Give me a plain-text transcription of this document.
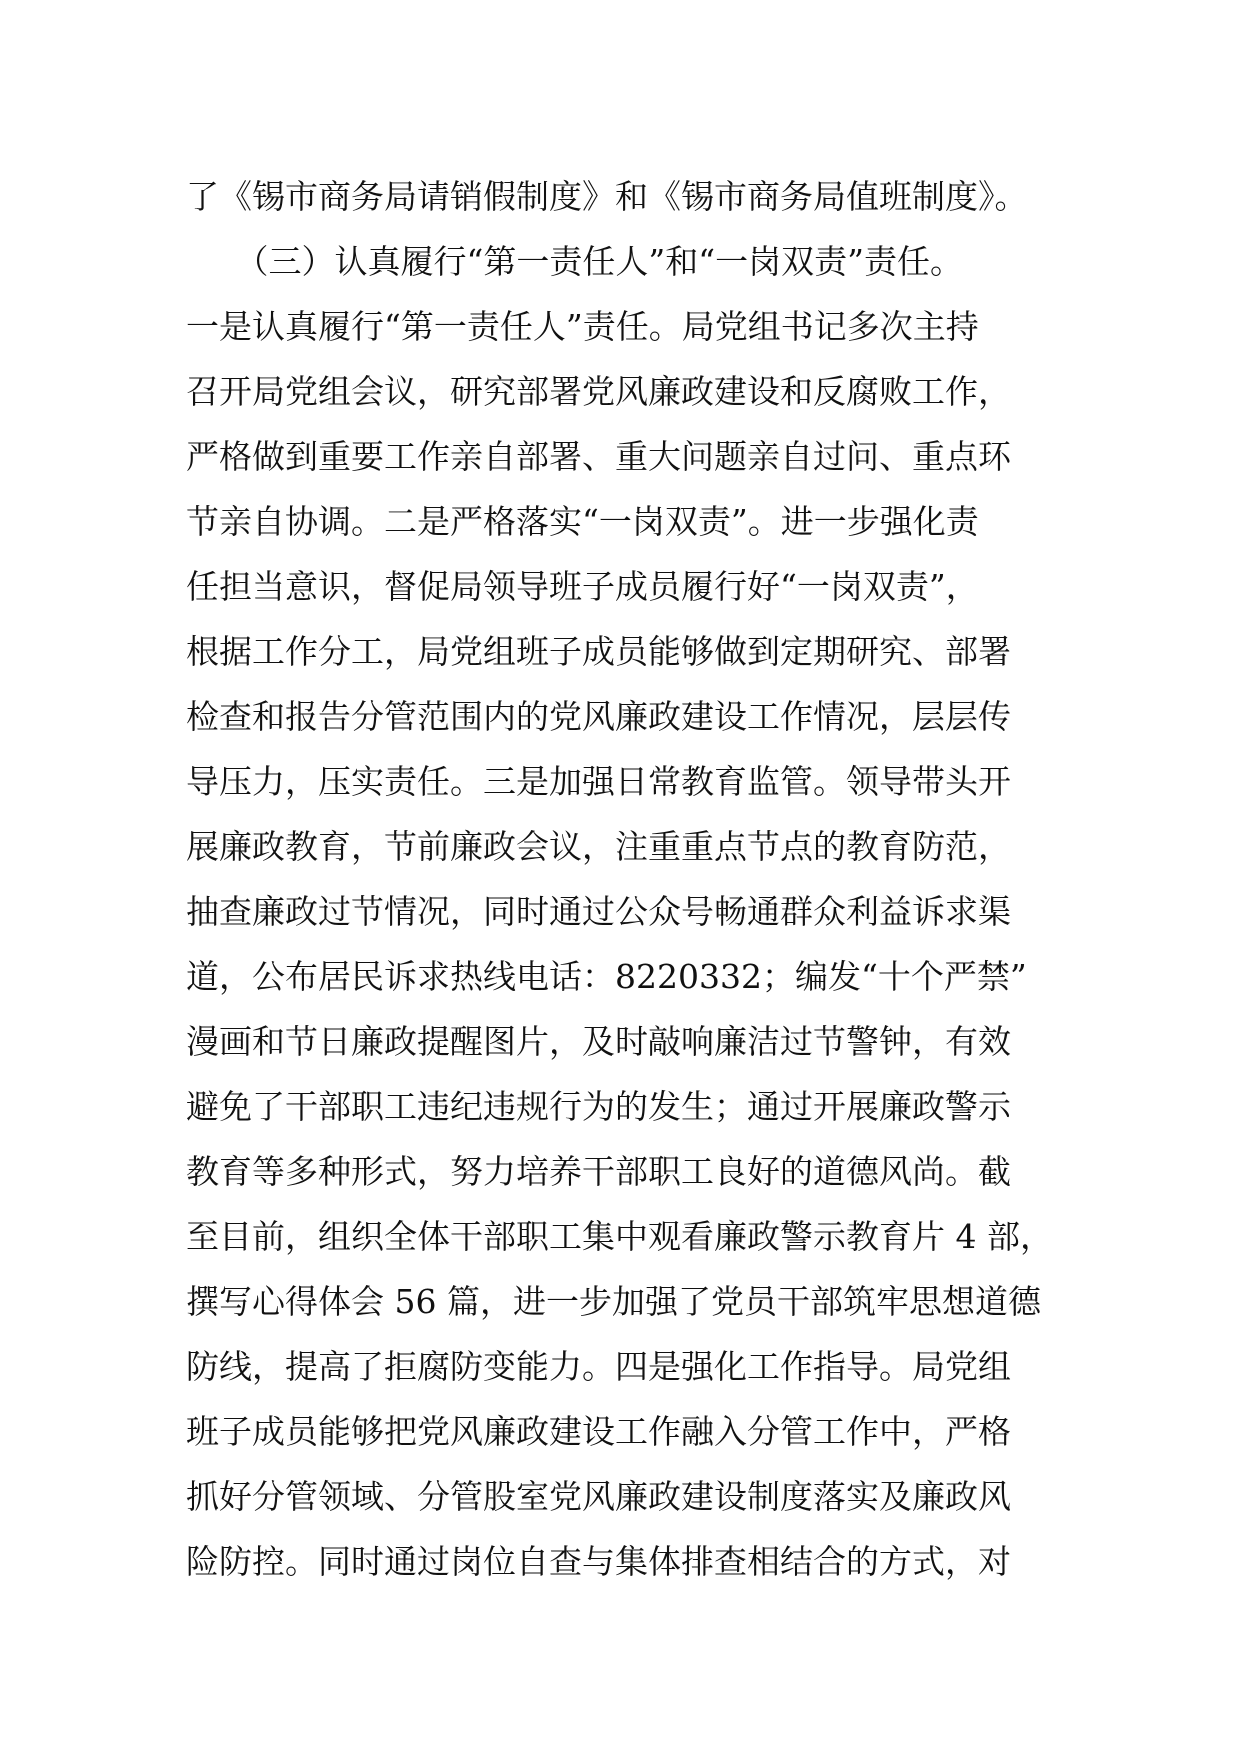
了《锡市商务局请销假制度》和《锡市商务局值班制度》。
　　（三）认真履行“第一责任人”和“一岗双责”责任。
一是认真履行“第一责任人”责任。局党组书记多次主持
召开局党组会议，研究部署党风廉政建设和反腐败工作，
严格做到重要工作亲自部署、重大问题亲自过问、重点环
节亲自协调。二是严格落实“一岗双责”。进一步强化责
任担当意识，督促局领导班子成员履行好“一岗双责”，
根据工作分工，局党组班子成员能够做到定期研究、部署
检查和报告分管范围内的党风廉政建设工作情况，层层传
导压力，压实责任。三是加强日常教育监管。领导带头开
展廉政教育，节前廉政会议，注重重点节点的教育防范，
抽查廉政过节情况，同时通过公众号畅通群众利益诉求渠
道，公布居民诉求热线电话：8220332；编发“十个严禁”
漫画和节日廉政提醒图片，及时敲响廉洁过节警钟，有效
避免了干部职工违纪违规行为的发生；通过开展廉政警示
教育等多种形式，努力培养干部职工良好的道德风尚。截
至目前，组织全体干部职工集中观看廉政警示教育片 4 部，
撰写心得体会 56 篇，进一步加强了党员干部筑牢思想道德
防线，提高了拒腐防变能力。四是强化工作指导。局党组
班子成员能够把党风廉政建设工作融入分管工作中，严格
抓好分管领域、分管股室党风廉政建设制度落实及廉政风
险防控。同时通过岗位自查与集体排查相结合的方式，对
